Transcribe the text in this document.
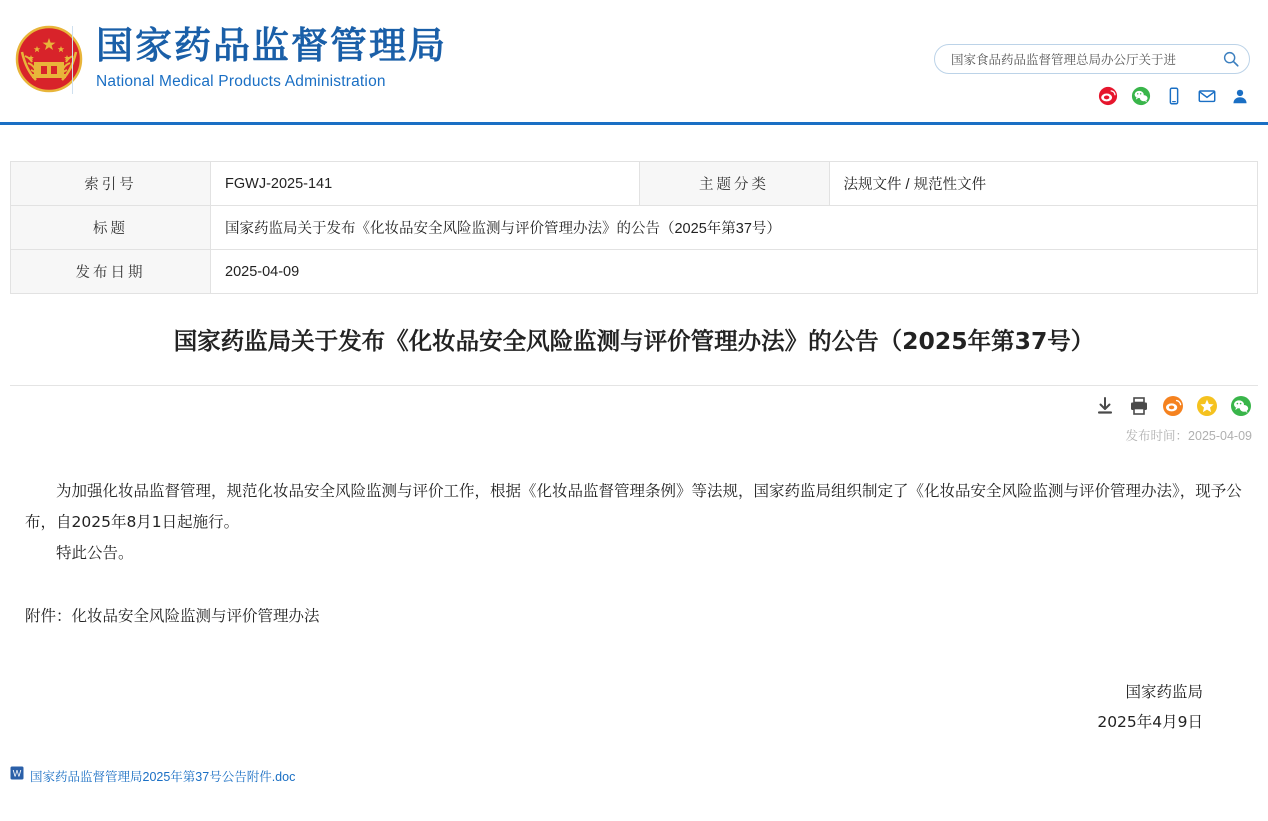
国家药品监督管理局
National Medical Products Administration
国家食品药品监督管理总局办公厅关于进
索引号	FGWJ-2025-141	主题分类	法规文件 / 规范性文件
标题	国家药监局关于发布《化妆品安全风险监测与评价管理办法》的公告（2025年第37号）		
发布日期	2025-04-09		
国家药监局关于发布《化妆品安全风险监测与评价管理办法》的公告（2025年第37号）
发布时间：2025-04-09

为加强化妆品监督管理，规范化妆品安全风险监测与评价工作，根据《化妆品监督管理条例》等法规，国家药监局组织制定了《化妆品安全风险监测与评价管理办法》，现予公布，自2025年8月1日起施行。

特此公告。

附件：化妆品安全风险监测与评价管理办法

国家药监局
2025年4月9日
W 国家药品监督管理局2025年第37号公告附件.doc
